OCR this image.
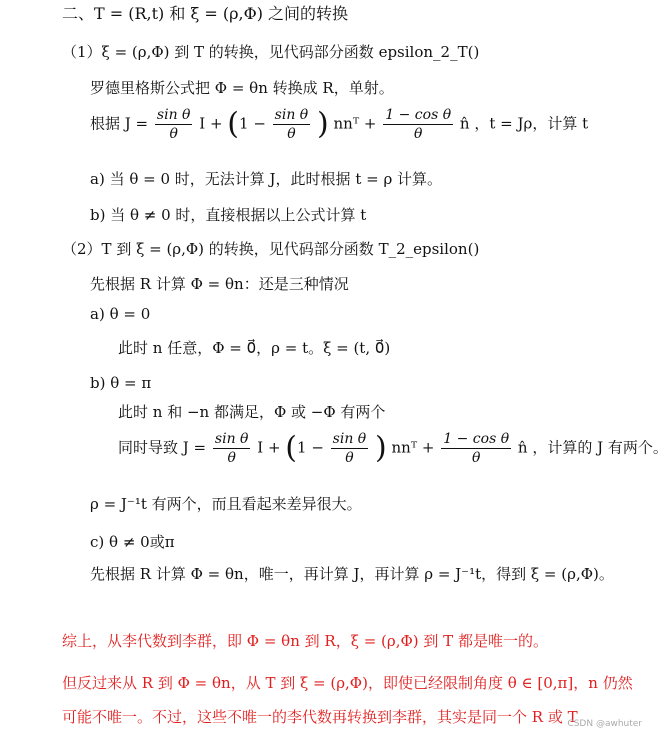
二、T = (R,t) 和 ξ = (ρ,Φ) 之间的转换
（1）ξ = (ρ,Φ) 到 T 的转换，见代码部分函数 epsilon_2_T()
罗德里格斯公式把 Φ = θn 转换成 R，单射。
根据 $J = \frac{\text{sin θ}}{\theta}$ $I + (1 - \frac{\text{sin θ}}{\theta}$ ) nnᵀ + $\frac{\text{1 − cos θ}}{\theta}$ n̂ ，t = Jρ，计算 t
a) 当 θ = 0 时，无法计算 J，此时根据 t = ρ 计算。
b) 当 θ ≠ 0 时，直接根据以上公式计算 t
（2）T 到 ξ = (ρ,Φ) 的转换，见代码部分函数 T_2_epsilon()
先根据 R 计算 Φ = θn：还是三种情况
a) θ = 0
此时 n 任意，Φ = 0⃗，ρ = t。ξ = (t, 0⃗)
b) θ = π
此时 n 和 −n 都满足，Φ 或 −Φ 有两个
同时导致 $J = \frac{\text{sin θ}}{\theta}$ $I + (1 - \frac{\text{sin θ}}{\theta}$ ) nnᵀ + $\frac{\text{1 − cos θ}}{\theta}$ n̂ ，计算的 J 有两个。
ρ = J⁻¹t 有两个，而且看起来差异很大。
c) θ ≠ 0或π
先根据 R 计算 Φ = θn，唯一，再计算 J，再计算 ρ = J⁻¹t，得到 ξ = (ρ,Φ)。
综上，从李代数到李群，即 Φ = θn 到 R，ξ = (ρ,Φ) 到 T 都是唯一的。
但反过来从 R 到 Φ = θn，从 T 到 ξ = (ρ,Φ)，即使已经限制角度 θ ∈ [0,π]，n 仍然
可能不唯一。不过，这些不唯一的李代数再转换到李群，其实是同一个 R 或 T
CSDN @awhuter
